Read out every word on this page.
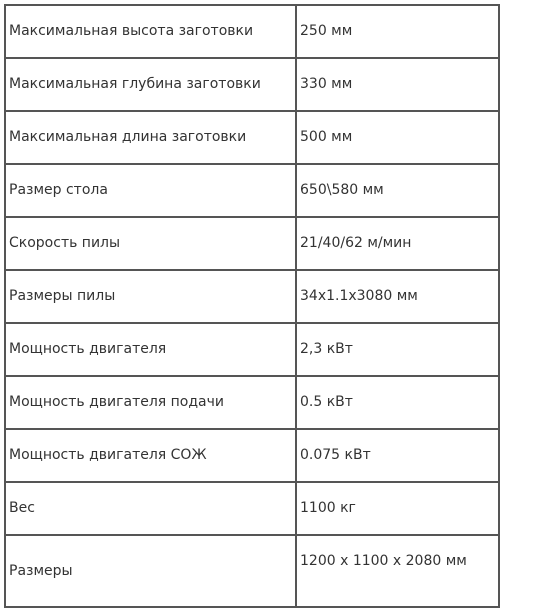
Максимальная высота заготовки	250 мм
Максимальная глубина заготовки	330 мм
Максимальная длина заготовки	500 мм
Размер стола	650\580 мм
Скорость пилы	21/40/62 м/мин
Размеры пилы	34x1.1x3080 мм
Мощность двигателя	2,3 кВт
Мощность двигателя подачи	0.5 кВт
Мощность двигателя СОЖ	0.075 кВт
Вес	1100 кг
Размеры	1200 x 1100 x 2080 мм
